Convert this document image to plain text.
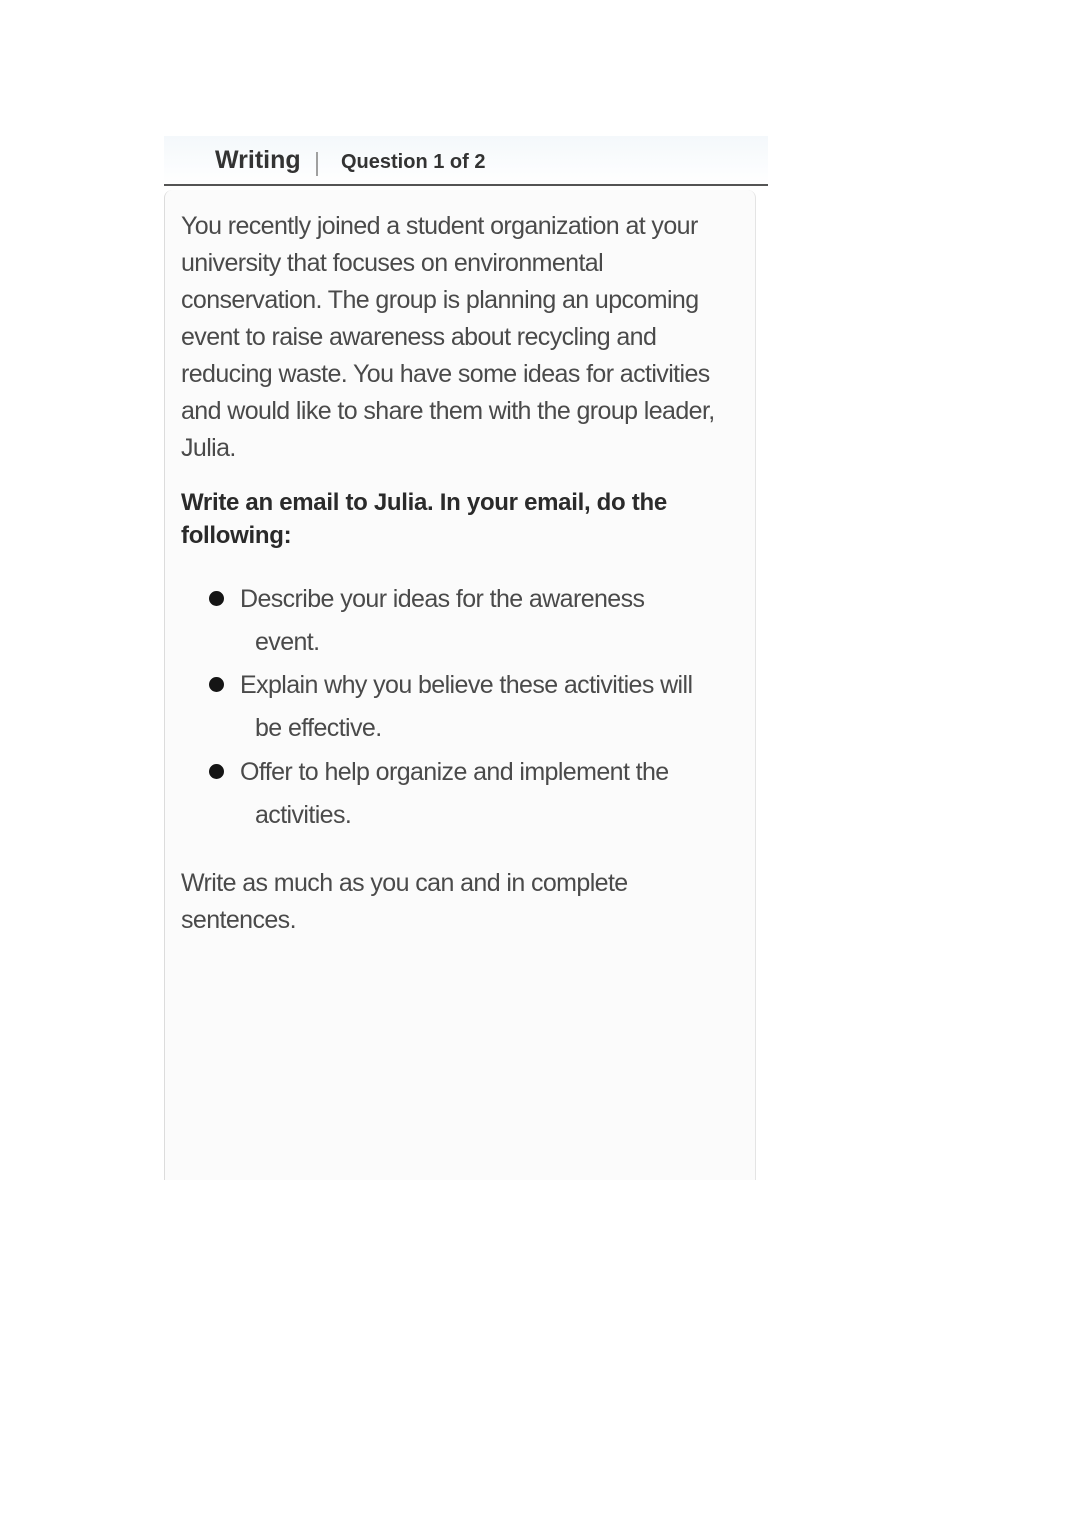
Writing Question 1 of 2

You recently joined a student organization at your university that focuses on environmental conservation. The group is planning an upcoming event to raise awareness about recycling and reducing waste. You have some ideas for activities and would like to share them with the group leader, Julia.

Write an email to Julia. In your email, do the following:

Describe your ideas for the awareness
event.
Explain why you believe these activities will
be effective.
Offer to help organize and implement the
activities.

Write as much as you can and in complete sentences.
